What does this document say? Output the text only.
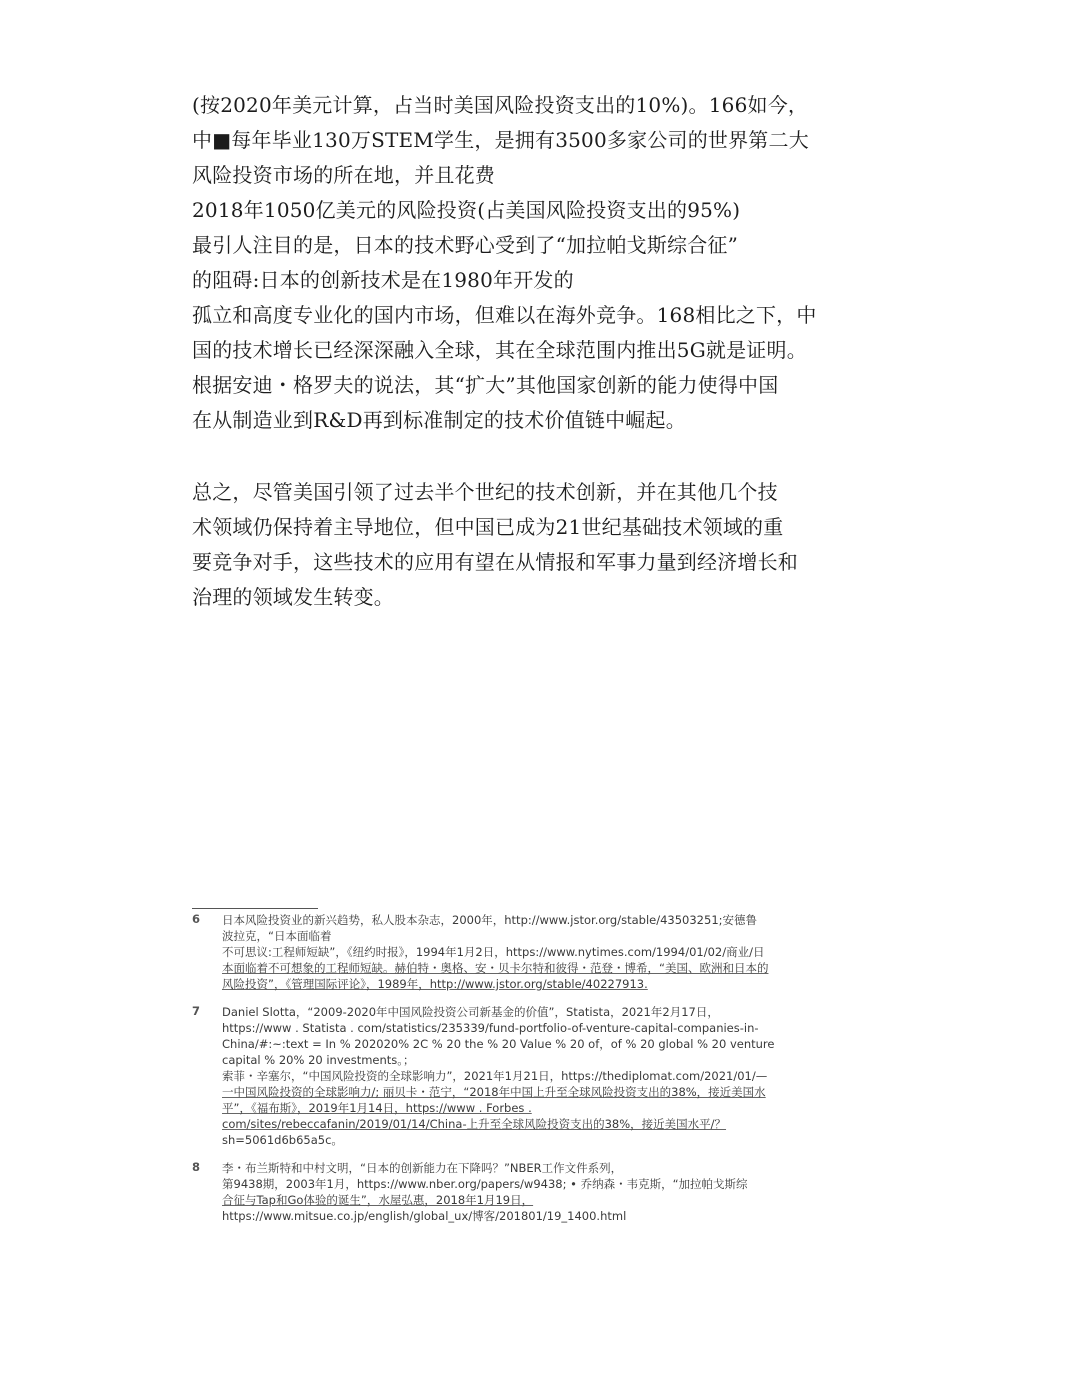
(按2020年美元计算，占当时美国风险投资支出的10%)。166如今，
中■每年毕业130万STEM学生，是拥有3500多家公司的世界第二大
风险投资市场的所在地，并且花费
2018年1050亿美元的风险投资(占美国风险投资支出的95%)
最引人注目的是，日本的技术野心受到了“加拉帕戈斯综合征”
的阻碍:日本的创新技术是在1980年开发的
孤立和高度专业化的国内市场，但难以在海外竞争。168相比之下，中
国的技术增长已经深深融入全球，其在全球范围内推出5G就是证明。
根据安迪・格罗夫的说法，其“扩大”其他国家创新的能力使得中国
在从制造业到R&D再到标准制定的技术价值链中崛起。
总之，尽管美国引领了过去半个世纪的技术创新，并在其他几个技
术领域仍保持着主导地位，但中国已成为21世纪基础技术领域的重
要竞争对手，这些技术的应用有望在从情报和军事力量到经济增长和
治理的领域发生转变。
6	日本风险投资业的新兴趋势，私人股本杂志，2000年，http://www.jstor.org/stable/43503251;安德鲁
波拉克，“日本面临着
不可思议:工程师短缺”，《纽约时报》，1994年1月2日，https://www.nytimes.com/1994/01/02/商业/日
本面临着不可想象的工程师短缺。赫伯特・奥格、安・贝卡尔特和彼得・范登・博希，“美国、欧洲和日本的
风险投资”，《管理国际评论》，1989年，http://www.jstor.org/stable/40227913.
7	Daniel Slotta，“2009-2020年中国风险投资公司新基金的价值”，Statista，2021年2月17日，
https://www . Statista . com/statistics/235339/fund-portfolio-of-venture-capital-companies-in-
China/#:~:text = In % 202020% 2C % 20 the % 20 Value % 20 of，of % 20 global % 20 venture
capital % 20% 20 investments。；
索菲・辛塞尔，“中国风险投资的全球影响力”，2021年1月21日，https://thediplomat.com/2021/01/—
一中国风险投资的全球影响力/; 丽贝卡・范宁，“2018年中国上升至全球风险投资支出的38%，接近美国水
平”，《福布斯》，2019年1月14日，https://www . Forbes .
com/sites/rebeccafanin/2019/01/14/China-上升至全球风险投资支出的38%，接近美国水平/？
sh=5061d6b65a5c。
8	李・布兰斯特和中村文明，“日本的创新能力在下降吗？”NBER工作文件系列，
第9438期，2003年1月，https://www.nber.org/papers/w9438; • 乔纳森・韦克斯，“加拉帕戈斯综
合征与Tap和Go体验的诞生”，水屋弘惠，2018年1月19日，
https://www.mitsue.co.jp/english/global_ux/博客/201801/19_1400.html
